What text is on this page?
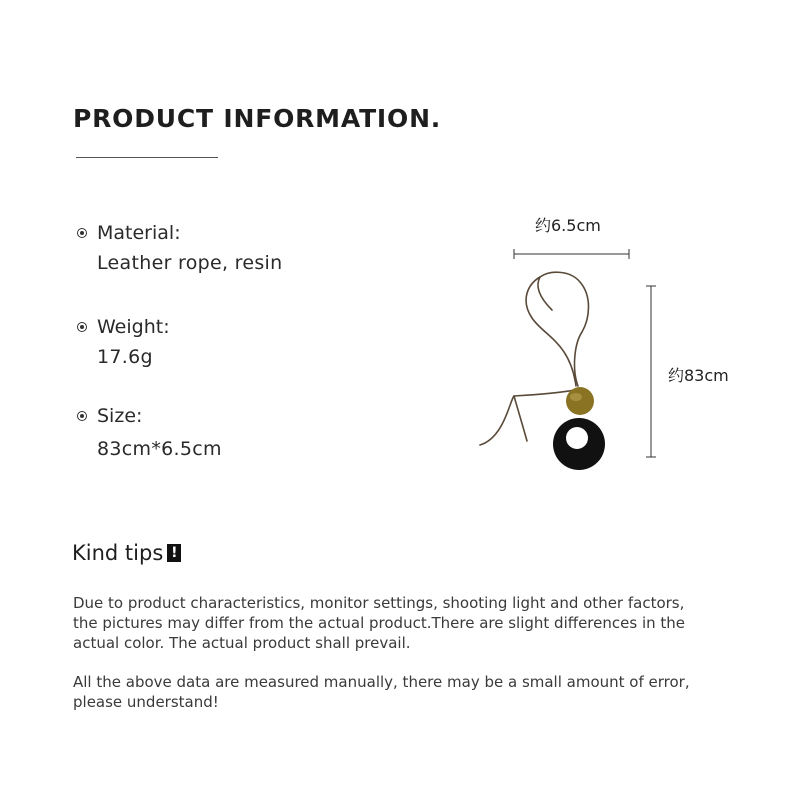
PRODUCT INFORMATION.
Material:
Leather rope, resin
Weight:
17.6g
Size:
83cm*6.5cm
约6.5cm
约83cm
Kind tips !

Due to product characteristics, monitor settings, shooting light and other factors, the pictures may differ from the actual product.There are slight differences in the actual color. The actual product shall prevail.

All the above data are measured manually, there may be a small amount of error, please understand!
